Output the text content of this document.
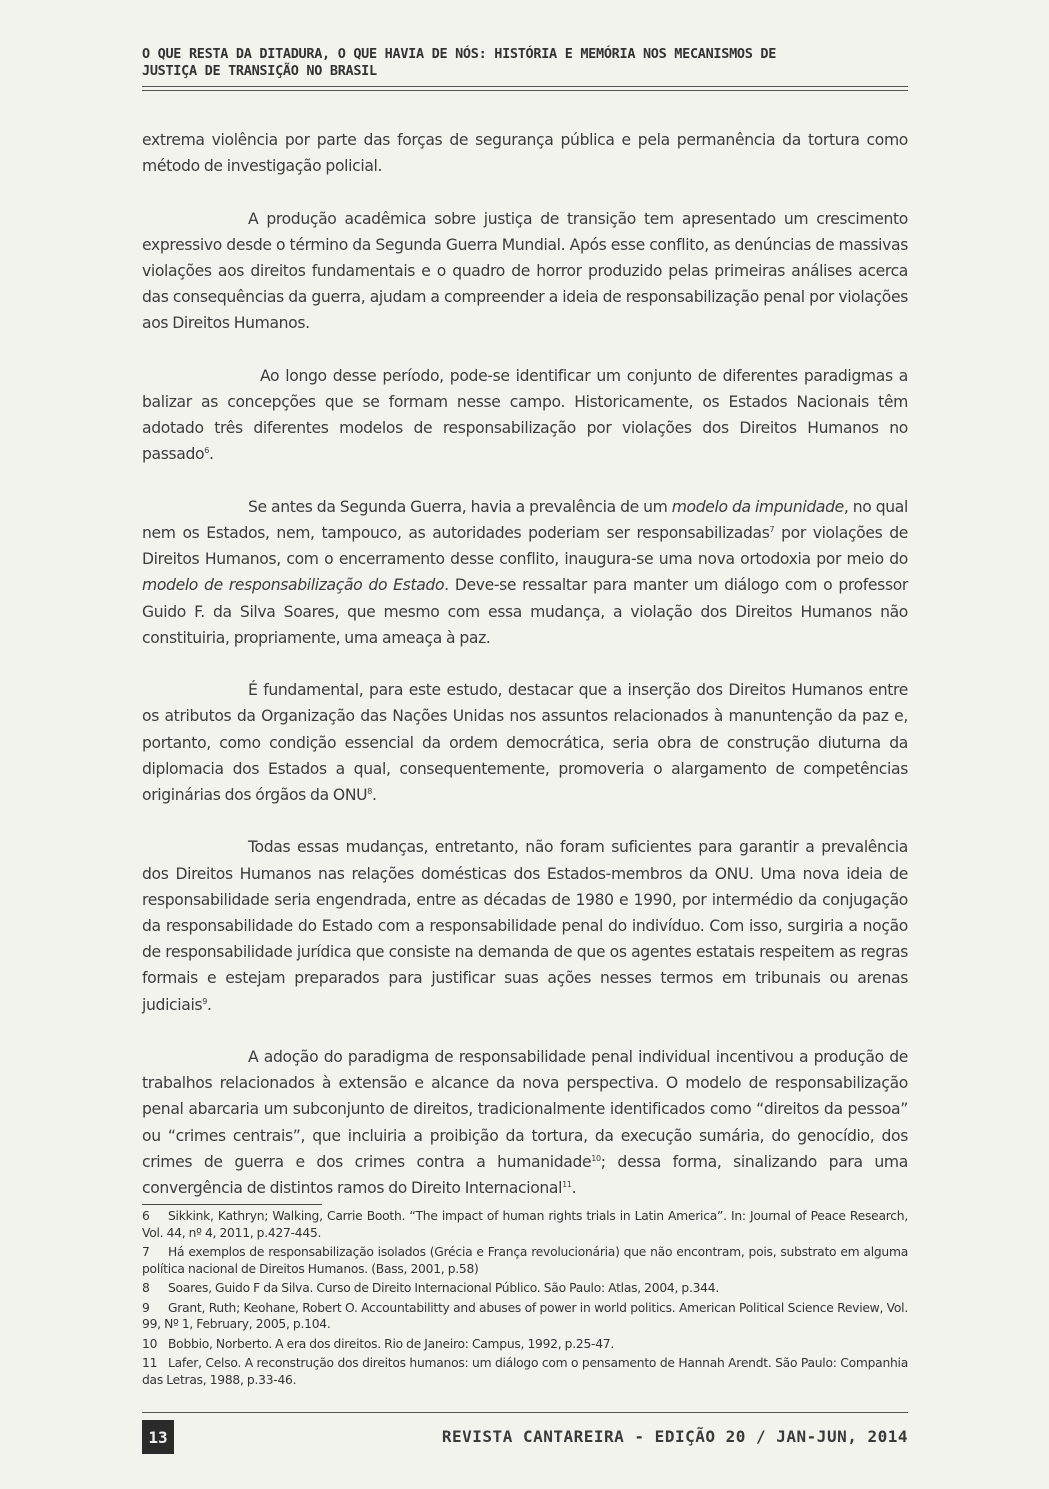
O QUE RESTA DA DITADURA, O QUE HAVIA DE NÓS: HISTÓRIA E MEMÓRIA NOS MECANISMOS DE
JUSTIÇA DE TRANSIÇÃO NO BRASIL

extrema violência por parte das forças de segurança pública e pela permanência da tortura como método de investigação policial.

A produção acadêmica sobre justiça de transição tem apresentado um crescimento expressivo desde o término da Segunda Guerra Mundial. Após esse conflito, as denúncias de massivas violações aos direitos fundamentais e o quadro de horror produzido pelas primeiras análises acerca das consequências da guerra, ajudam a compreender a ideia de responsabilização penal por violações aos Direitos Humanos.

Ao longo desse período, pode-se identificar um conjunto de diferentes paradigmas a balizar as concepções que se formam nesse campo. Historicamente, os Estados Nacionais têm adotado três diferentes modelos de responsabilização por violações dos Direitos Humanos no passado$^6$.

Se antes da Segunda Guerra, havia a prevalência de um modelo da impunidade, no qual nem os Estados, nem, tampouco, as autoridades poderiam ser responsabilizadas$^7$ por violações de Direitos Humanos, com o encerramento desse conflito, inaugura-se uma nova ortodoxia por meio do modelo de responsabilização do Estado. Deve-se ressaltar para manter um diálogo com o professor Guido F. da Silva Soares, que mesmo com essa mudança, a violação dos Direitos Humanos não constituiria, propriamente, uma ameaça à paz.

É fundamental, para este estudo, destacar que a inserção dos Direitos Humanos entre os atributos da Organização das Nações Unidas nos assuntos relacionados à manuntenção da paz e, portanto, como condição essencial da ordem democrática, seria obra de construção diuturna da diplomacia dos Estados a qual, consequentemente, promoveria o alargamento de competências originárias dos órgãos da ONU$^8$.

Todas essas mudanças, entretanto, não foram suficientes para garantir a prevalência dos Direitos Humanos nas relações domésticas dos Estados-membros da ONU. Uma nova ideia de responsabilidade seria engendrada, entre as décadas de 1980 e 1990, por intermédio da conjugação da responsabilidade do Estado com a responsabilidade penal do indivíduo. Com isso, surgiria a noção de responsabilidade jurídica que consiste na demanda de que os agentes estatais respeitem as regras formais e estejam preparados para justificar suas ações nesses termos em tribunais ou arenas judiciais$^9$.

A adoção do paradigma de responsabilidade penal individual incentivou a produção de trabalhos relacionados à extensão e alcance da nova perspectiva. O modelo de responsabilização penal abarcaria um subconjunto de direitos, tradicionalmente identificados como “direitos da pessoa” ou “crimes centrais”, que incluiria a proibição da tortura, da execução sumária, do genocídio, dos crimes de guerra e dos crimes contra a humanidade$^{10}$; dessa forma, sinalizando para uma convergência de distintos ramos do Direito Internacional$^{11}$.

6 Sikkink, Kathryn; Walking, Carrie Booth. “The impact of human rights trials in Latin America”. In: Journal of Peace Research, Vol. 44, nº 4, 2011, p.427-445.
7 Há exemplos de responsabilização isolados (Grécia e França revolucionária) que não encontram, pois, substrato em alguma política nacional de Direitos Humanos. (Bass, 2001, p.58)
8 Soares, Guido F da Silva. Curso de Direito Internacional Público. São Paulo: Atlas, 2004, p.344.
9 Grant, Ruth; Keohane, Robert O. Accountabilitty and abuses of power in world politics. American Political Science Review, Vol. 99, Nº 1, February, 2005, p.104.
10 Bobbio, Norberto. A era dos direitos. Rio de Janeiro: Campus, 1992, p.25-47.
11 Lafer, Celso. A reconstrução dos direitos humanos: um diálogo com o pensamento de Hannah Arendt. São Paulo: Companhia das Letras, 1988, p.33-46.
13	REVISTA CANTAREIRA - EDIÇÃO 20 / JAN-JUN, 2014
